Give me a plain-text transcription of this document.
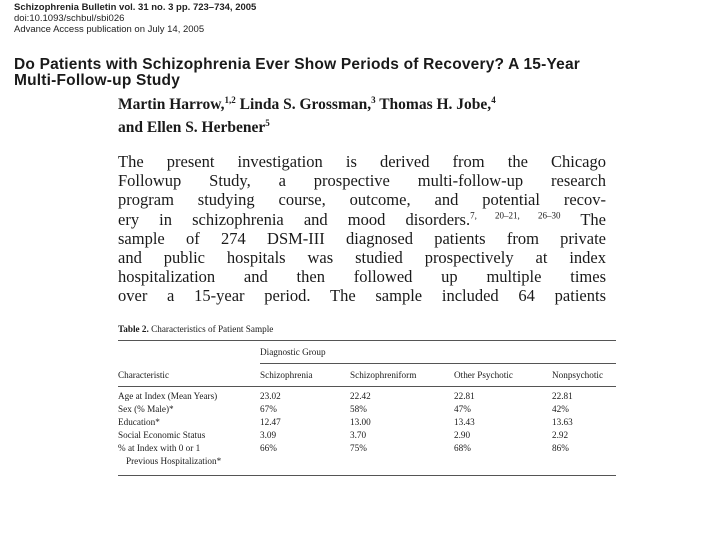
Schizophrenia Bulletin vol. 31 no. 3 pp. 723–734, 2005
doi:10.1093/schbul/sbi026
Advance Access publication on July 14, 2005
Do Patients with Schizophrenia Ever Show Periods of Recovery? A 15-Year
Multi-Follow-up Study
Martin Harrow,$^{1,2}$ Linda S. Grossman,$^3$ Thomas H. Jobe,$^4$
and Ellen S. Herbener$^5$
The present investigation is derived from the Chicago
Followup Study, a prospective multi-follow-up research
program studying course, outcome, and potential recov-
ery in schizophrenia and mood disorders.$^{7, 20-21, 26-30}$ The
sample of 274 DSM-III diagnosed patients from private
and public hospitals was studied prospectively at index
hospitalization and then followed up multiple times
over a 15-year period. The sample included 64 patients
Table 2. Characteristics of Patient Sample
	Diagnostic Group			
Characteristic	Schizophrenia	Schizophreniform	Other Psychotic	Nonpsychotic

Age at Index (Mean Years)	23.02	22.42	22.81	22.81
Sex (% Male)*	67%	58%	47%	42%
Education*	12.47	13.00	13.43	13.63
Social Economic Status	3.09	3.70	2.90	2.92
% at Index with 0 or 1	66%	75%	68%	86%
Previous Hospitalization*				
